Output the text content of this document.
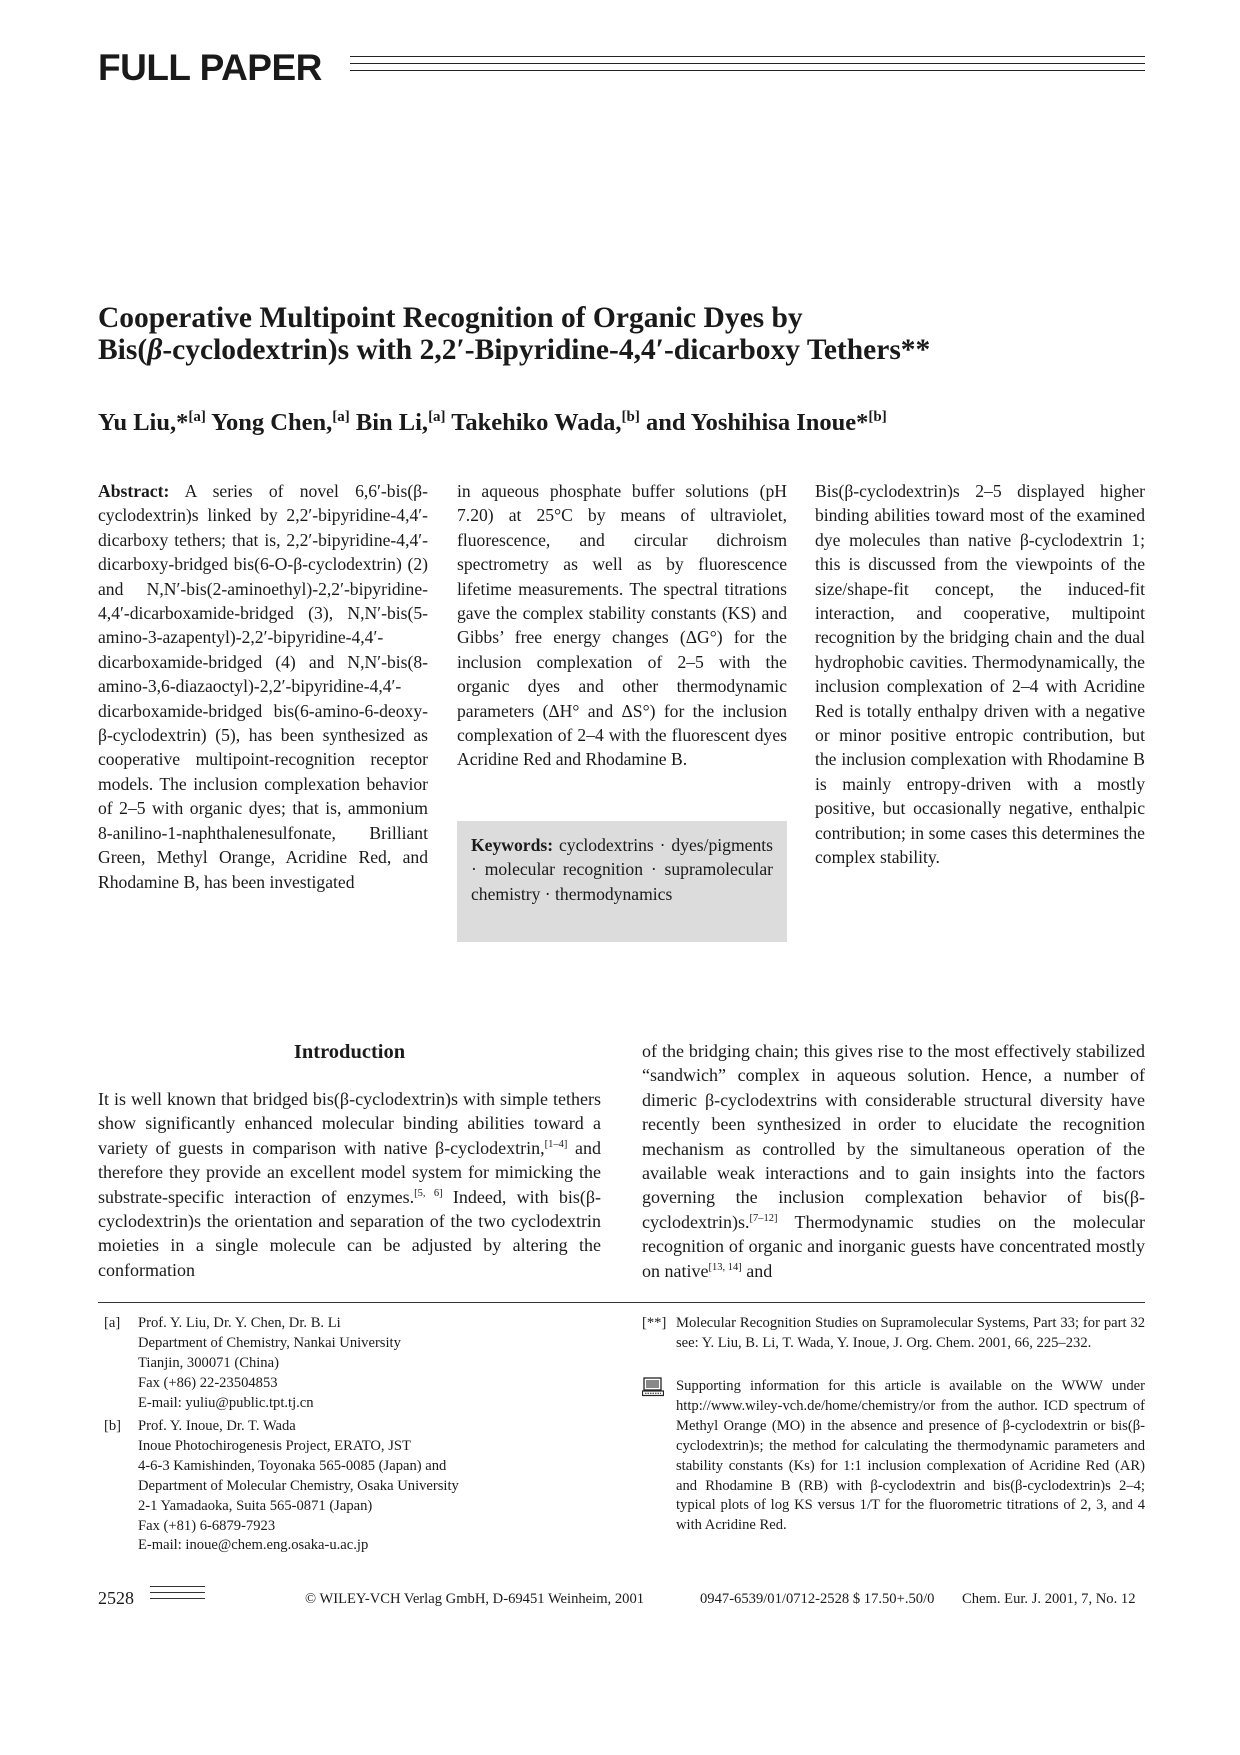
FULL PAPER
Cooperative Multipoint Recognition of Organic Dyes by
Bis(β-cyclodextrin)s with 2,2′-Bipyridine-4,4′-dicarboxy Tethers**
Yu Liu,*[a] Yong Chen,[a] Bin Li,[a] Takehiko Wada,[b] and Yoshihisa Inoue*[b]
Abstract: A series of novel 6,6′-bis(β-cyclodextrin)s linked by 2,2′-bipyridine-4,4′-dicarboxy tethers; that is, 2,2′-bipyridine-4,4′-dicarboxy-bridged bis(6-O-β-cyclodextrin) (2) and N,N′-bis(2-aminoethyl)-2,2′-bipyridine-4,4′-dicarboxamide-bridged (3), N,N′-bis(5-amino-3-azapentyl)-2,2′-bipyridine-4,4′-dicarboxamide-bridged (4) and N,N′-bis(8-amino-3,6-diazaoctyl)-2,2′-bipyridine-4,4′-dicarboxamide-bridged bis(6-amino-6-deoxy-β-cyclodextrin) (5), has been synthesized as cooperative multipoint-recognition receptor models. The inclusion complexation behavior of 2–5 with organic dyes; that is, ammonium 8-anilino-1-naphthalenesulfonate, Brilliant Green, Methyl Orange, Acridine Red, and Rhodamine B, has been investigated
in aqueous phosphate buffer solutions (pH 7.20) at 25°C by means of ultraviolet, fluorescence, and circular dichroism spectrometry as well as by fluorescence lifetime measurements. The spectral titrations gave the complex stability constants (KS) and Gibbs’ free energy changes (ΔG°) for the inclusion complexation of 2–5 with the organic dyes and other thermodynamic parameters (ΔH° and ΔS°) for the inclusion complexation of 2–4 with the fluorescent dyes Acridine Red and Rhodamine B.
Bis(β-cyclodextrin)s 2–5 displayed higher binding abilities toward most of the examined dye molecules than native β-cyclodextrin 1; this is discussed from the viewpoints of the size/shape-fit concept, the induced-fit interaction, and cooperative, multipoint recognition by the bridging chain and the dual hydrophobic cavities. Thermodynamically, the inclusion complexation of 2–4 with Acridine Red is totally enthalpy driven with a negative or minor positive entropic contribution, but the inclusion complexation with Rhodamine B is mainly entropy-driven with a mostly positive, but occasionally negative, enthalpic contribution; in some cases this determines the complex stability.
Keywords: cyclodextrins · dyes/pigments · molecular recognition · supramolecular chemistry · thermodynamics
Introduction
It is well known that bridged bis(β-cyclodextrin)s with simple tethers show significantly enhanced molecular binding abilities toward a variety of guests in comparison with native β-cyclodextrin,[1–4] and therefore they provide an excellent model system for mimicking the substrate-specific interaction of enzymes.[5, 6] Indeed, with bis(β-cyclodextrin)s the orientation and separation of the two cyclodextrin moieties in a single molecule can be adjusted by altering the conformation
of the bridging chain; this gives rise to the most effectively stabilized “sandwich” complex in aqueous solution. Hence, a number of dimeric β-cyclodextrins with considerable structural diversity have recently been synthesized in order to elucidate the recognition mechanism as controlled by the simultaneous operation of the available weak interactions and to gain insights into the factors governing the inclusion complexation behavior of bis(β-cyclodextrin)s.[7–12] Thermodynamic studies on the molecular recognition of organic and inorganic guests have concentrated mostly on native[13, 14] and
[a]	Prof. Y. Liu, Dr. Y. Chen, Dr. B. Li
Department of Chemistry, Nankai University
Tianjin, 300071 (China)
Fax (+86) 22-23504853
E-mail: yuliu@public.tpt.tj.cn
[b]	Prof. Y. Inoue, Dr. T. Wada
Inoue Photochirogenesis Project, ERATO, JST
4-6-3 Kamishinden, Toyonaka 565-0085 (Japan) and
Department of Molecular Chemistry, Osaka University
2-1 Yamadaoka, Suita 565-0871 (Japan)
Fax (+81) 6-6879-7923
E-mail: inoue@chem.eng.osaka-u.ac.jp
[**] Molecular Recognition Studies on Supramolecular Systems, Part 33; for part 32 see: Y. Liu, B. Li, T. Wada, Y. Inoue, J. Org. Chem. 2001, 66, 225–232.
Supporting information for this article is available on the WWW under http://www.wiley-vch.de/home/chemistry/or from the author. ICD spectrum of Methyl Orange (MO) in the absence and presence of β-cyclodextrin or bis(β-cyclodextrin)s; the method for calculating the thermodynamic parameters and stability constants (Ks) for 1:1 inclusion complexation of Acridine Red (AR) and Rhodamine B (RB) with β-cyclodextrin and bis(β-cyclodextrin)s 2–4; typical plots of log KS versus 1/T for the fluorometric titrations of 2, 3, and 4 with Acridine Red.
2528	© WILEY-VCH Verlag GmbH, D-69451 Weinheim, 2001	0947-6539/01/0712-2528 $ 17.50+.50/0 Chem. Eur. J. 2001, 7, No. 12
